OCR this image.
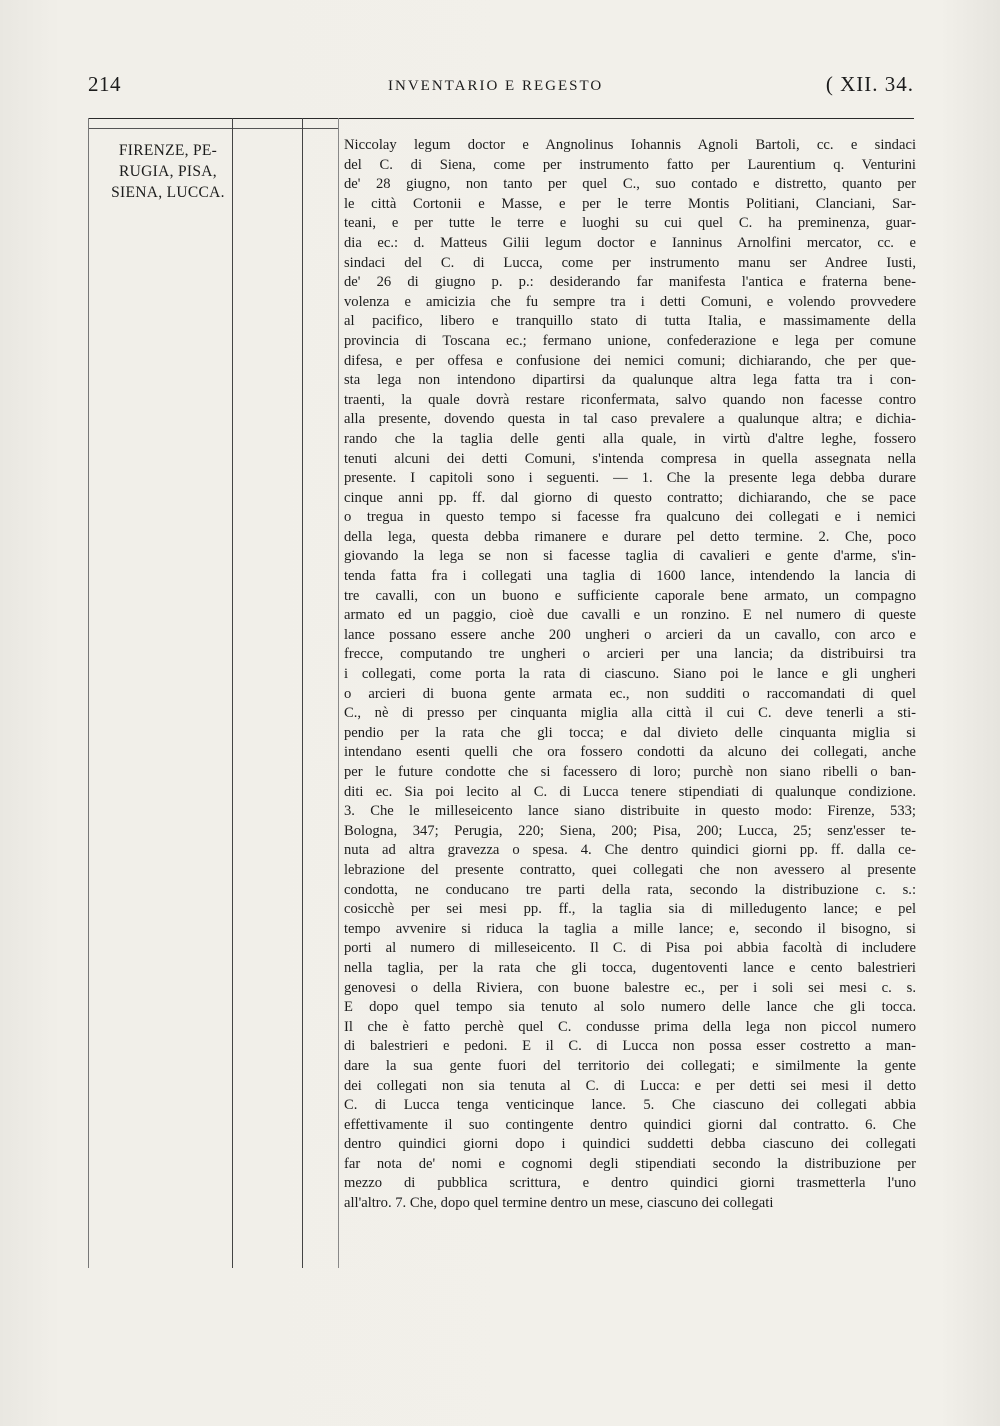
214	INVENTARIO E REGESTO	( XII. 34.
FIRENZE, PE-
RUGIA, PISA,
SIENA, LUCCA.
Niccolay legum doctor e Angnolinus Iohannis Agnoli Bartoli, cc. e sindaci
del C. di Siena, come per instrumento fatto per Laurentium q. Venturini
de' 28 giugno, non tanto per quel C., suo contado e distretto, quanto per
le città Cortonii e Masse, e per le terre Montis Politiani, Clanciani, Sar-
teani, e per tutte le terre e luoghi su cui quel C. ha preminenza, guar-
dia ec.: d. Matteus Gilii legum doctor e Ianninus Arnolfini mercator, cc. e
sindaci del C. di Lucca, come per instrumento manu ser Andree Iusti,
de' 26 di giugno p. p.: desiderando far manifesta l'antica e fraterna bene-
volenza e amicizia che fu sempre tra i detti Comuni, e volendo provvedere
al pacifico, libero e tranquillo stato di tutta Italia, e massimamente della
provincia di Toscana ec.; fermano unione, confederazione e lega per comune
difesa, e per offesa e confusione dei nemici comuni; dichiarando, che per que-
sta lega non intendono dipartirsi da qualunque altra lega fatta tra i con-
traenti, la quale dovrà restare riconfermata, salvo quando non facesse contro
alla presente, dovendo questa in tal caso prevalere a qualunque altra; e dichia-
rando che la taglia delle genti alla quale, in virtù d'altre leghe, fossero
tenuti alcuni dei detti Comuni, s'intenda compresa in quella assegnata nella
presente. I capitoli sono i seguenti. — 1. Che la presente lega debba durare
cinque anni pp. ff. dal giorno di questo contratto; dichiarando, che se pace
o tregua in questo tempo si facesse fra qualcuno dei collegati e i nemici
della lega, questa debba rimanere e durare pel detto termine. 2. Che, poco
giovando la lega se non si facesse taglia di cavalieri e gente d'arme, s'in-
tenda fatta fra i collegati una taglia di 1600 lance, intendendo la lancia di
tre cavalli, con un buono e sufficiente caporale bene armato, un compagno
armato ed un paggio, cioè due cavalli e un ronzino. E nel numero di queste
lance possano essere anche 200 ungheri o arcieri da un cavallo, con arco e
frecce, computando tre ungheri o arcieri per una lancia; da distribuirsi tra
i collegati, come porta la rata di ciascuno. Siano poi le lance e gli ungheri
o arcieri di buona gente armata ec., non sudditi o raccomandati di quel
C., nè di presso per cinquanta miglia alla città il cui C. deve tenerli a sti-
pendio per la rata che gli tocca; e dal divieto delle cinquanta miglia si
intendano esenti quelli che ora fossero condotti da alcuno dei collegati, anche
per le future condotte che si facessero di loro; purchè non siano ribelli o ban-
diti ec. Sia poi lecito al C. di Lucca tenere stipendiati di qualunque condizione.
3. Che le milleseicento lance siano distribuite in questo modo: Firenze, 533;
Bologna, 347; Perugia, 220; Siena, 200; Pisa, 200; Lucca, 25; senz'esser te-
nuta ad altra gravezza o spesa. 4. Che dentro quindici giorni pp. ff. dalla ce-
lebrazione del presente contratto, quei collegati che non avessero al presente
condotta, ne conducano tre parti della rata, secondo la distribuzione c. s.:
cosicchè per sei mesi pp. ff., la taglia sia di milledugento lance; e pel
tempo avvenire si riduca la taglia a mille lance; e, secondo il bisogno, si
porti al numero di milleseicento. Il C. di Pisa poi abbia facoltà di includere
nella taglia, per la rata che gli tocca, dugentoventi lance e cento balestrieri
genovesi o della Riviera, con buone balestre ec., per i soli sei mesi c. s.
E dopo quel tempo sia tenuto al solo numero delle lance che gli tocca.
Il che è fatto perchè quel C. condusse prima della lega non piccol numero
di balestrieri e pedoni. E il C. di Lucca non possa esser costretto a man-
dare la sua gente fuori del territorio dei collegati; e similmente la gente
dei collegati non sia tenuta al C. di Lucca: e per detti sei mesi il detto
C. di Lucca tenga venticinque lance. 5. Che ciascuno dei collegati abbia
effettivamente il suo contingente dentro quindici giorni dal contratto. 6. Che
dentro quindici giorni dopo i quindici suddetti debba ciascuno dei collegati
far nota de' nomi e cognomi degli stipendiati secondo la distribuzione per
mezzo di pubblica scrittura, e dentro quindici giorni trasmetterla l'uno
all'altro. 7. Che, dopo quel termine dentro un mese, ciascuno dei collegati
